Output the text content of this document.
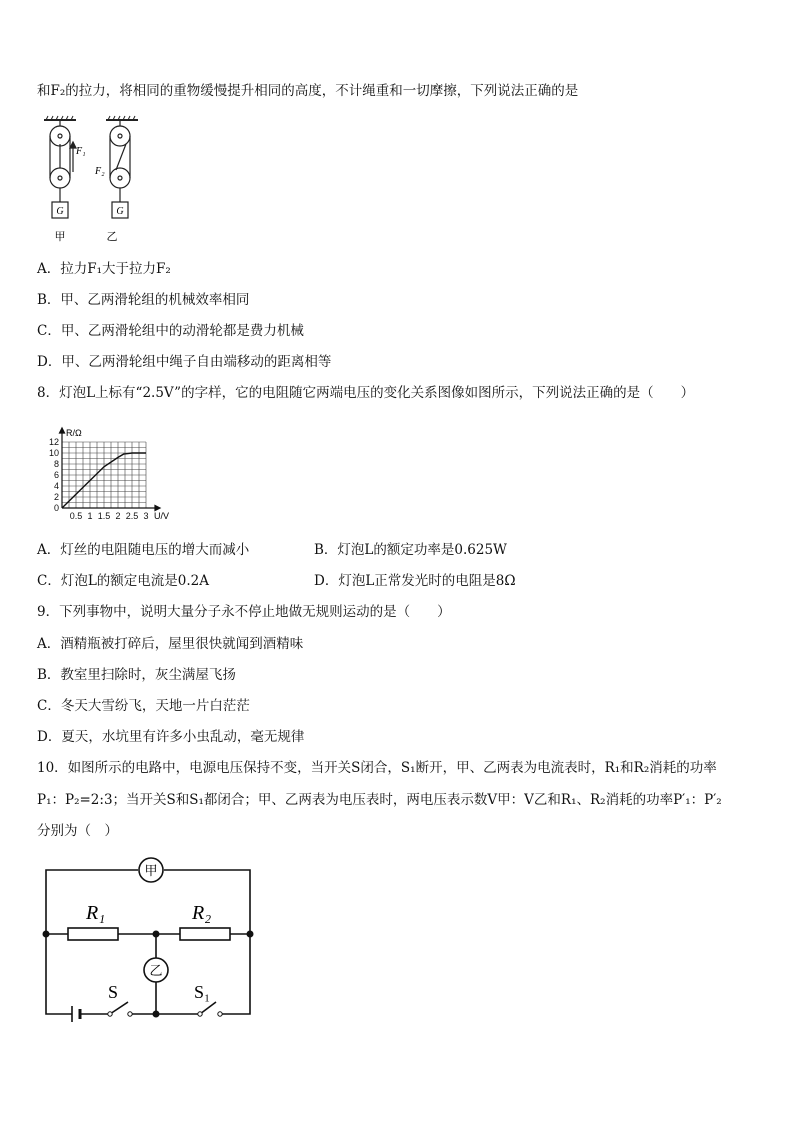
和F₂的拉力，将相同的重物缓慢提升相同的高度，不计绳重和一切摩擦，下列说法正确的是
F₁
G
甲
F₂
G
乙
A．拉力F₁大于拉力F₂
B．甲、乙两滑轮组的机械效率相同
C．甲、乙两滑轮组中的动滑轮都是费力机械
D．甲、乙两滑轮组中绳子自由端移动的距离相等
8．灯泡L上标有“2.5V”的字样，它的电阻随它两端电压的变化关系图像如图所示，下列说法正确的是（　　）
0
2
4
6
8
10
12
0.5 1 1.5 2 2.5 3
R/Ω
U/V
A．灯丝的电阻随电压的增大而减小	B．灯泡L的额定功率是0.625W
C．灯泡L的额定电流是0.2A	D．灯泡L正常发光时的电阻是8Ω
9．下列事物中，说明大量分子永不停止地做无规则运动的是（　　）
A．酒精瓶被打碎后，屋里很快就闻到酒精味
B．教室里扫除时，灰尘满屋飞扬
C．冬天大雪纷飞，天地一片白茫茫
D．夏天，水坑里有许多小虫乱动，毫无规律
10．如图所示的电路中，电源电压保持不变，当开关S闭合，S₁断开，甲、乙两表为电流表时，R₁和R₂消耗的功率
P₁：P₂=2:3；当开关S和S₁都闭合；甲、乙两表为电压表时，两电压表示数V甲：V乙和R₁、R₂消耗的功率P′₁：P′₂
分别为（　）
甲
乙
R₁	R₂
S	S₁
